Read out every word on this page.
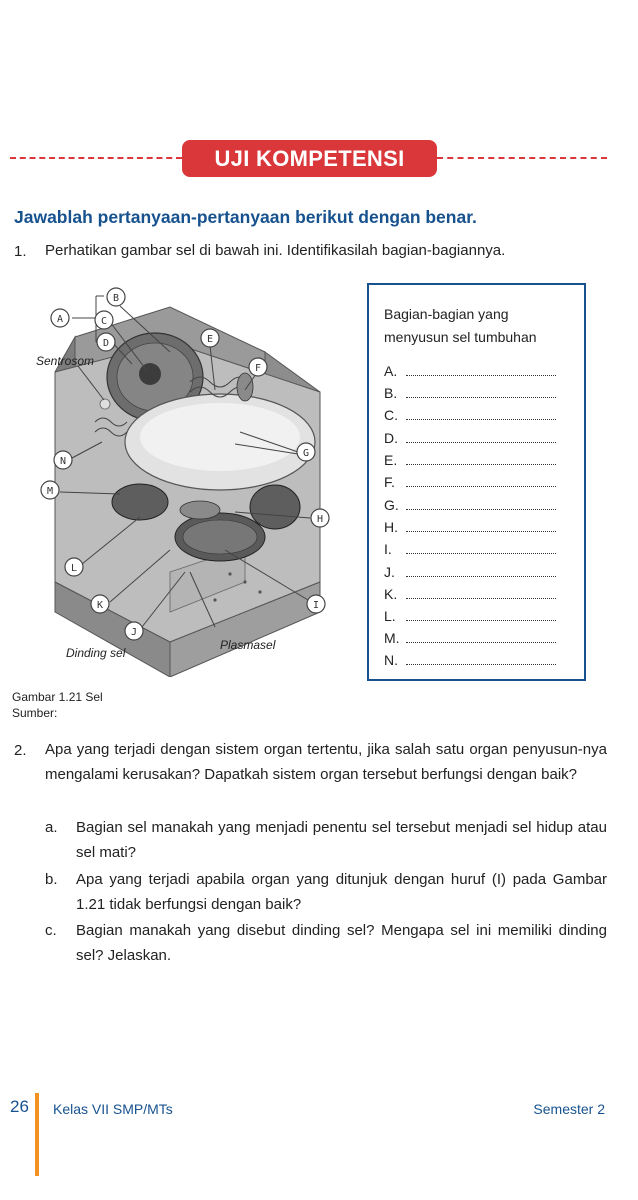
UJI KOMPETENSI
Jawablah pertanyaan-pertanyaan berikut dengan benar.
1. Perhatikan gambar sel di bawah ini. Identifikasilah bagian-bagiannya.
A
B
C
D	E
F
G
H
I
J
K
L
M
N
Sentrosom
Dinding sel
Plasmasel
Gambar 1.21 Sel
Sumber:
Bagian-bagian yang
menyusun sel tumbuhan
A.
B.
C.
D.
E.
F.
G.
H.
I.
J.
K.
L.
M.
N.
2. Apa yang terjadi dengan sistem organ tertentu, jika salah satu organ penyusun-nya mengalami kerusakan? Dapatkah sistem organ tersebut berfungsi dengan baik?
a. Bagian sel manakah yang menjadi penentu sel tersebut menjadi sel hidup atau sel mati?
b. Apa yang terjadi apabila organ yang ditunjuk dengan huruf (I) pada Gambar 1.21 tidak berfungsi dengan baik?
c. Bagian manakah yang disebut dinding sel? Mengapa sel ini memiliki dinding sel? Jelaskan.
26 Kelas VII SMP/MTs	Semester 2
